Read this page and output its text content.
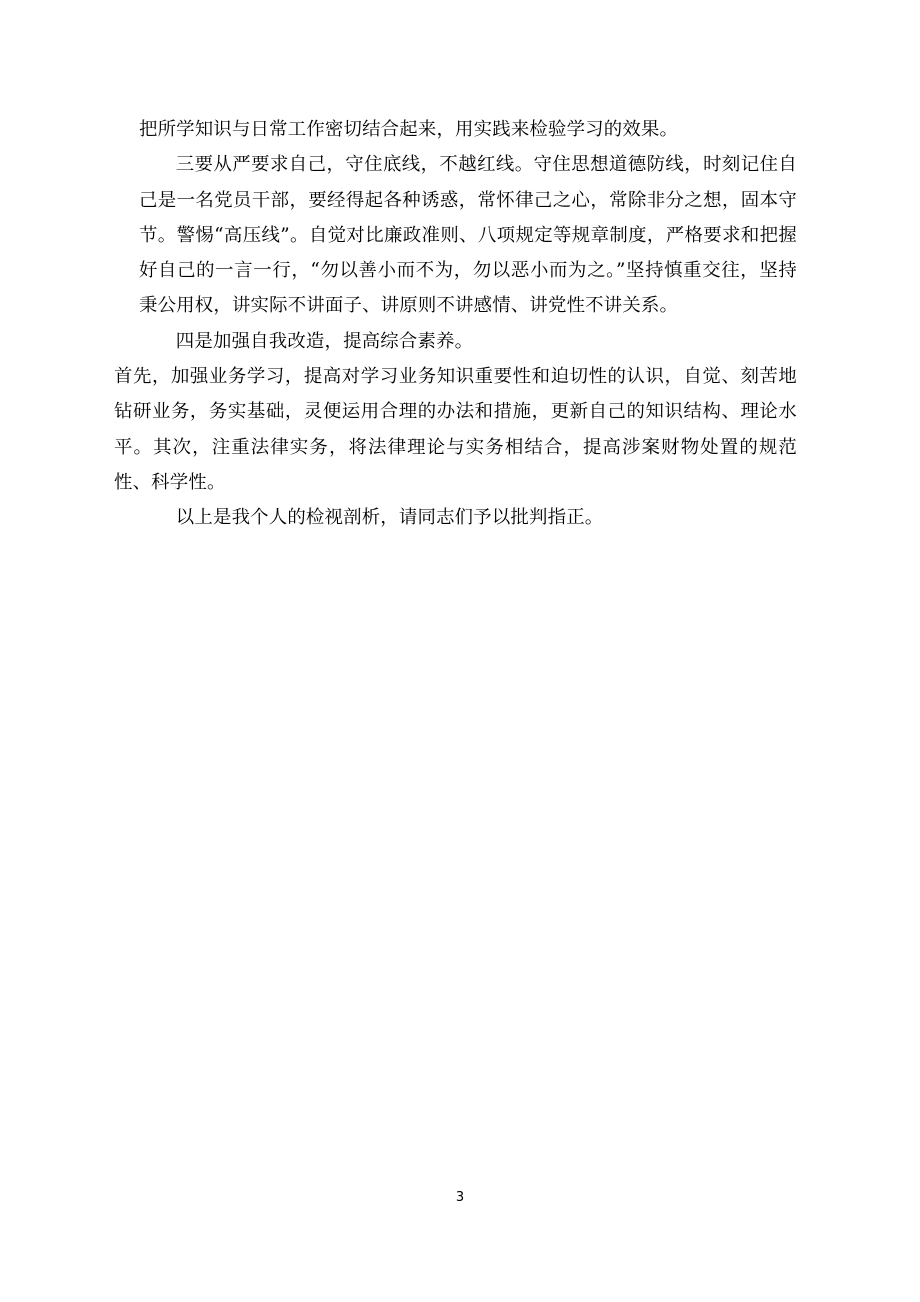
把所学知识与日常工作密切结合起来，用实践来检验学习的效果。

三要从严要求自己，守住底线，不越红线。守住思想道德防线，时刻记住自己是一名党员干部，要经得起各种诱惑，常怀律己之心，常除非分之想，固本守节。警惕“高压线”。自觉对比廉政准则、八项规定等规章制度，严格要求和把握好自己的一言一行，“勿以善小而不为，勿以恶小而为之。”坚持慎重交往，坚持秉公用权，讲实际不讲面子、讲原则不讲感情、讲党性不讲关系。

四是加强自我改造，提高综合素养。

首先，加强业务学习，提高对学习业务知识重要性和迫切性的认识，自觉、刻苦地钻研业务，务实基础，灵便运用合理的办法和措施，更新自己的知识结构、理论水平。其次，注重法律实务，将法律理论与实务相结合，提高涉案财物处置的规范性、科学性。

以上是我个人的检视剖析，请同志们予以批判指正。

3
